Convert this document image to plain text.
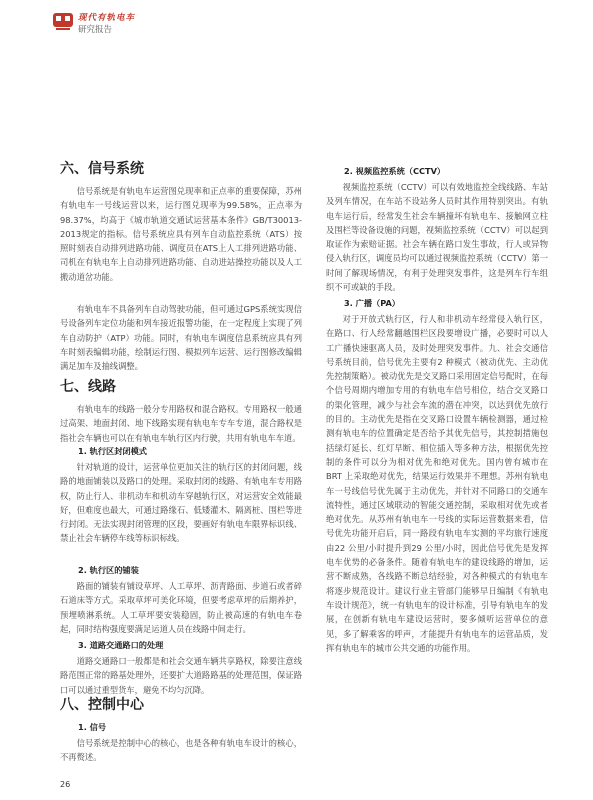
现代有轨电车
研究报告
六、信号系统

信号系统是有轨电车运营图兑现率和正点率的重要保障，苏州有轨电车一号线运营以来，运行图兑现率为99.58%，正点率为98.37%，均高于《城市轨道交通试运营基本条件》GB/T30013-2013规定的指标。信号系统应具有列车自动监控系统（ATS）按照时刻表自动排列进路功能、调度员在ATS上人工排列进路功能、司机在有轨电车上自动排列进路功能、自动进站操控功能以及人工搬动道岔功能。

有轨电车不具备列车自动驾驶功能，但可通过GPS系统实现信号设备列车定位功能和列车接近报警功能，在一定程度上实现了列车自动防护（ATP）功能。同时，有轨电车调度信息系统应具有列车时刻表编辑功能，绘制运行图、模拟列车运营、运行图修改编辑满足加车及抽线调整。

七、线路

有轨电车的线路一般分专用路权和混合路权。专用路权一般通过高架、地面封闭、地下线路实现有轨电车专车专道，混合路权是指社会车辆也可以在有轨电车轨行区内行驶，共用有轨电车车道。

1. 轨行区封闭模式

针对轨道的设计，运营单位更加关注的轨行区的封闭问题，线路的地面铺装以及路口的处理。采取封闭的线路、有轨电车专用路权，防止行人、非机动车和机动车穿越轨行区，对运营安全效能最好，但难度也最大，可通过路缘石、低矮灌木、隔离桩、围栏等进行封闭。无法实现封闭管理的区段，要画好有轨电车限界标识线、禁止社会车辆停车线等标识标线。

2. 轨行区的铺装

路面的铺装有铺设草坪、人工草坪、沥青路面、步道石或者碎石道床等方式。采取草坪可美化环境，但要考虑草坪的后期养护，预埋喷淋系统。人工草坪要安装稳固，防止被高速的有轨电车卷起，同时结构强度要满足运道人员在线路中间走行。

3. 道路交通路口的处理

道路交通路口一般都是和社会交通车辆共享路权，除要注意线路范围正常的路基处理外，还要扩大道路路基的处理范围，保证路口可以通过重型货车，避免不均匀沉降。

八、控制中心
1. 信号

信号系统是控制中心的核心，也是各种有轨电车设计的核心，不再赘述。

2. 视频监控系统（CCTV）

视频监控系统（CCTV）可以有效地监控全线线路、车站及列车情况，在车站不设站务人员时其作用特别突出。有轨电车运行后，经常发生社会车辆撞坏有轨电车、接触网立柱及围栏等设备设施的问题，视频监控系统（CCTV）可以起到取证作为索赔证据。社会车辆在路口发生事故，行人或异物侵入轨行区，调度员均可以通过视频监控系统（CCTV）第一时间了解现场情况，有利于处理突发事件，这是列车行车组织不可或缺的手段。

3. 广播（PA）

对于开放式轨行区，行人和非机动车经常侵入轨行区，在路口、行人经常翻越围栏区段要增设广播，必要时可以人工广播快速驱离人员，及时处理突发事件。九、社会交通信号系统目前，信号优先主要有2 种模式（被动优先、主动优先控制策略）。被动优先是交叉路口采用固定信号配时，在每个信号周期内增加专用的有轨电车信号相位，结合交叉路口的渠化管理，减少与社会车流的潜在冲突，以达到优先放行的目的。主动优先是指在交叉路口设置车辆检测器，通过检测有轨电车的位置确定是否给予其优先信号，其控制措施包括绿灯延长、红灯早断、相位插入等多种方法，根据优先控制的条件可以分为相对优先和绝对优先。国内曾有城市在BRT 上采取绝对优先，结果运行效果并不理想。苏州有轨电车一号线信号优先属于主动优先，并针对不同路口的交通车流特性，通过区域联动的智能交通控制，采取相对优先或者绝对优先。从苏州有轨电车一号线的实际运营数据来看，信号优先功能开启后，同一路段有轨电车实测的平均旅行速度由22 公里/小时提升到29 公里/小时，因此信号优先是发挥电车优势的必备条件。随着有轨电车的建设线路的增加，运营不断成熟，各线路不断总结经验，对各种模式的有轨电车将逐步规范设计。建议行业主管部门能够早日编制《有轨电车设计规范》，统一有轨电车的设计标准，引导有轨电车的发展，在创新有轨电车建设运营时，要多倾听运营单位的意见，多了解乘客的呼声，才能提升有轨电车的运营品质，发挥有轨电车的城市公共交通的功能作用。

26
